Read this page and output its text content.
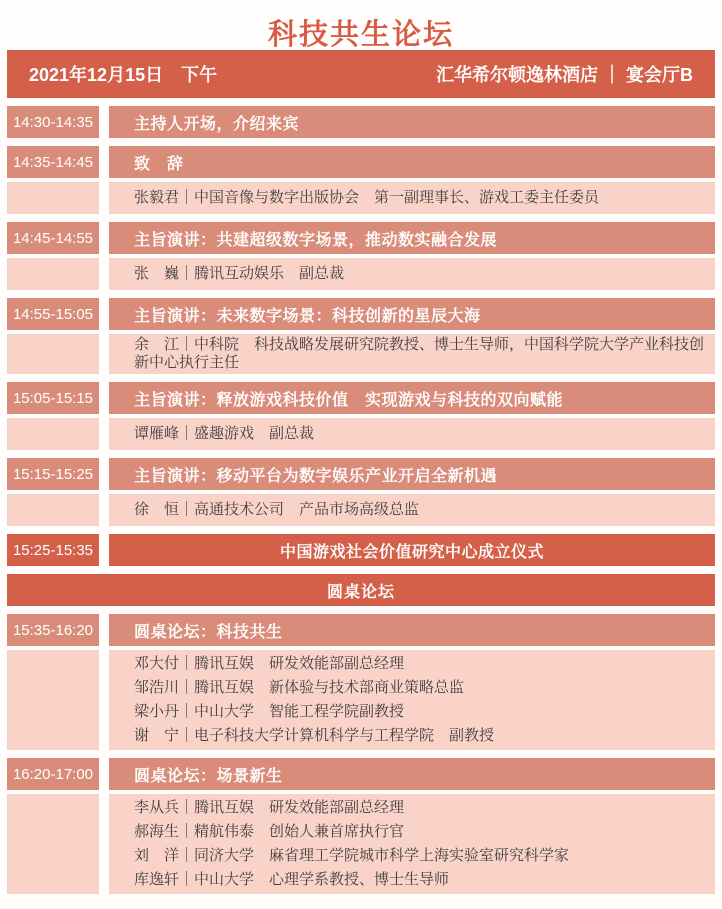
科技共生论坛
2021年12月15日　下午	汇华希尔顿逸林酒店 ｜ 宴会厅B
14:30-14:35	主持人开场，介绍来宾
14:35-14:45	致　辞
张毅君｜中国音像与数字出版协会　第一副理事长、游戏工委主任委员
14:45-14:55	主旨演讲：共建超级数字场景，推动数实融合发展
张　巍｜腾讯互动娱乐　副总裁
14:55-15:05	主旨演讲：未来数字场景：科技创新的星辰大海
余　江｜中科院　科技战略发展研究院教授、博士生导师，中国科学院大学产业科技创新中心执行主任
15:05-15:15	主旨演讲：释放游戏科技价值　实现游戏与科技的双向赋能
谭雁峰｜盛趣游戏　副总裁
15:15-15:25	主旨演讲：移动平台为数字娱乐产业开启全新机遇
徐　恒｜高通技术公司　产品市场高级总监
15:25-15:35	中国游戏社会价值研究中心成立仪式
圆桌论坛
15:35-16:20	圆桌论坛：科技共生
邓大付｜腾讯互娱　研发效能部副总经理
邹浩川｜腾讯互娱　新体验与技术部商业策略总监
梁小丹｜中山大学　智能工程学院副教授
谢　宁｜电子科技大学计算机科学与工程学院　副教授
16:20-17:00	圆桌论坛：场景新生
李从兵｜腾讯互娱　研发效能部副总经理
郝海生｜精航伟泰　创始人兼首席执行官
刘　洋｜同济大学　麻省理工学院城市科学上海实验室研究科学家
库逸轩｜中山大学　心理学系教授、博士生导师
